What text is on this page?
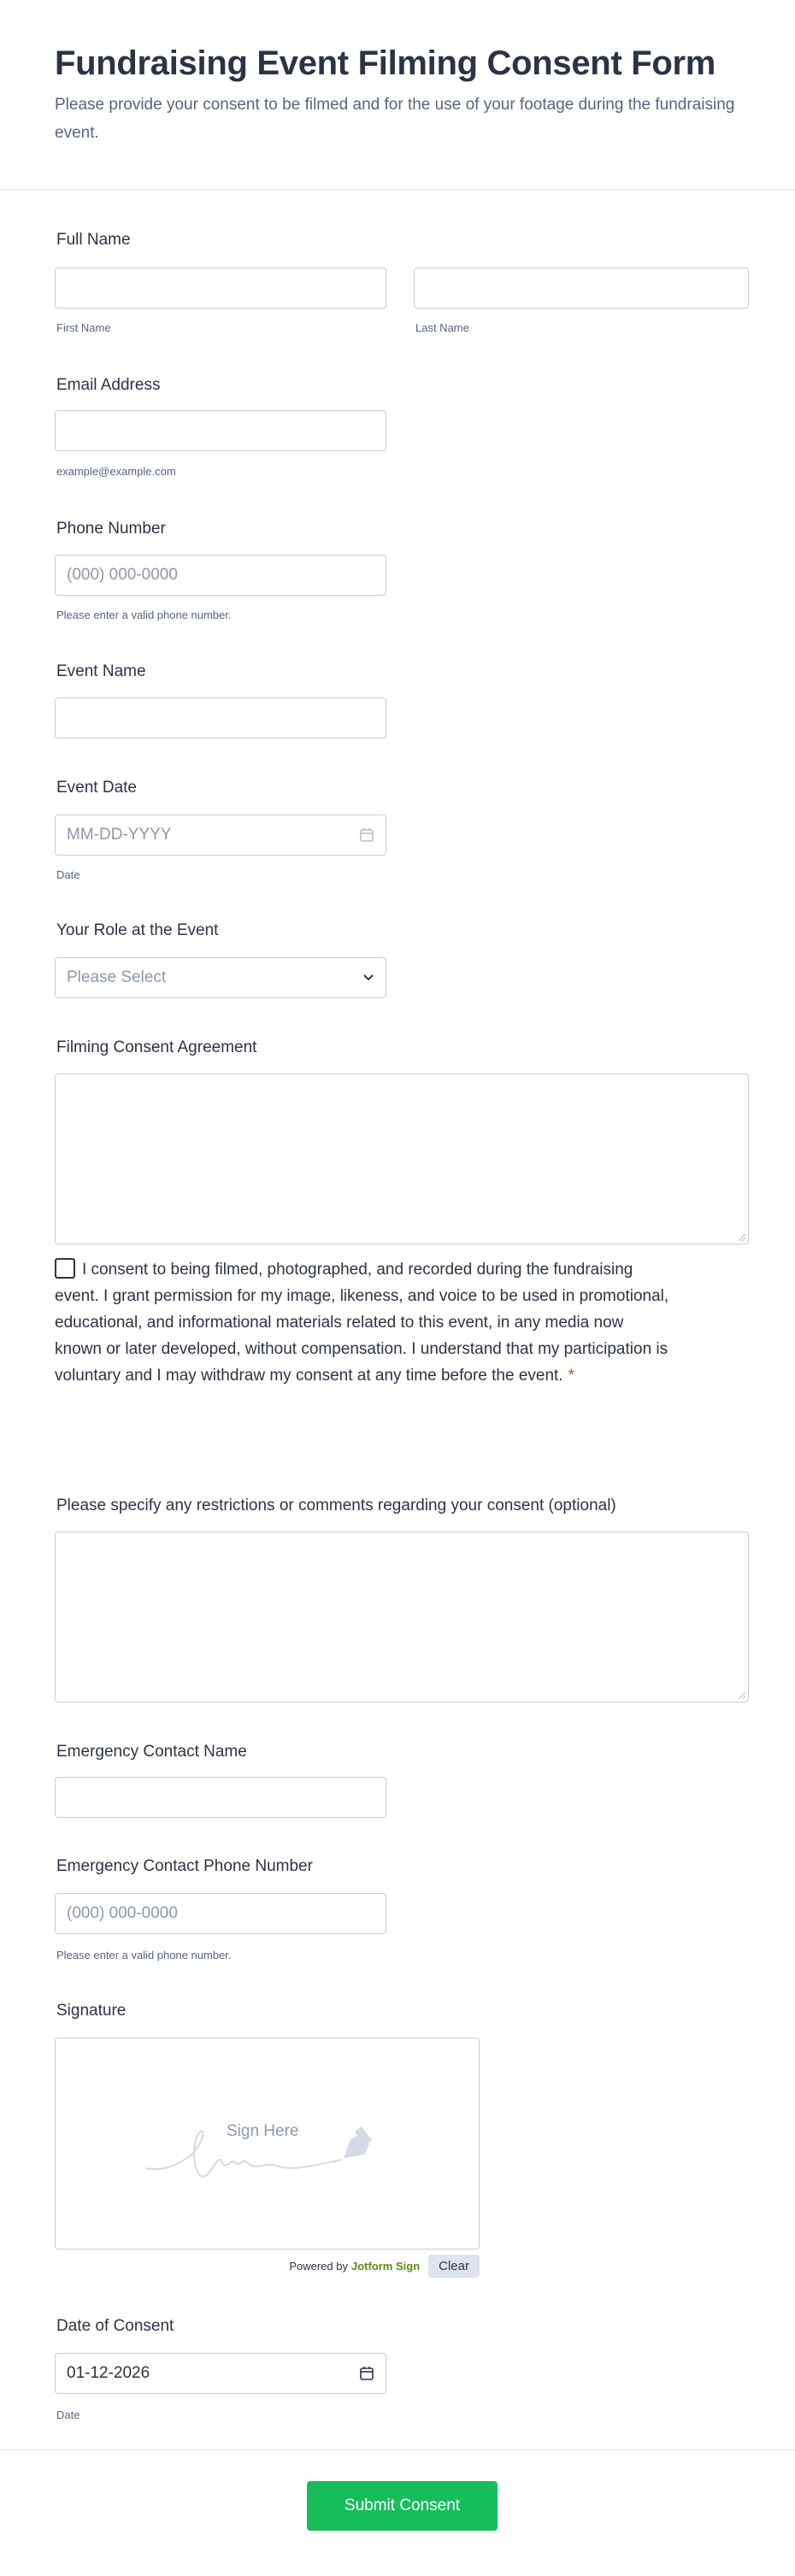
Fundraising Event Filming Consent Form
Please provide your consent to be filmed and for the use of your footage during the fundraising event.
Full Name
First Name	Last Name
Email Address
example@example.com
Phone Number
(000) 000-0000
Please enter a valid phone number.
Event Name
Event Date
MM-DD-YYYY
Date
Your Role at the Event
Please Select
Filming Consent Agreement
I consent to being filmed, photographed, and recorded during the fundraising event. I grant permission for my image, likeness, and voice to be used in promotional, educational, and informational materials related to this event, in any media now known or later developed, without compensation. I understand that my participation is voluntary and I may withdraw my consent at any time before the event. *
Please specify any restrictions or comments regarding your consent (optional)
Emergency Contact Name
Emergency Contact Phone Number
(000) 000-0000
Please enter a valid phone number.
Signature
Sign Here
Powered by Jotform Sign	Clear
Date of Consent
01-12-2026
Date
Submit Consent
